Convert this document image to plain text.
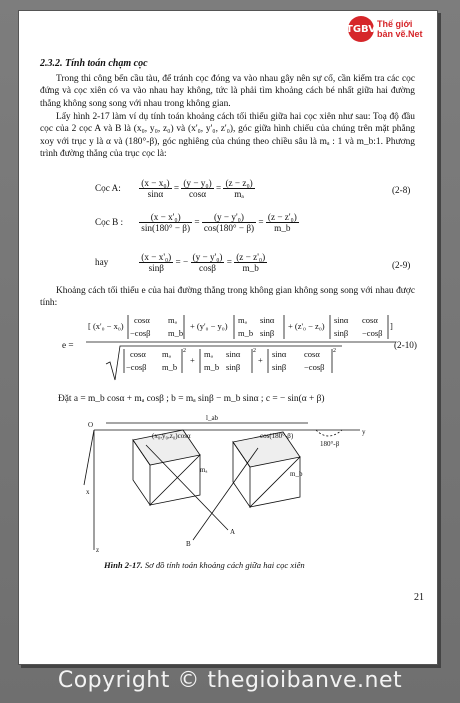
TGBV Thế giới
bản vẽ.Net
2.3.2. Tính toán chạm cọc

Trong thi công bến cầu tàu, để tránh cọc đóng va vào nhau gây nên sự cố, cần kiểm tra các cọc đứng và cọc xiên có va vào nhau hay không, tức là phải tìm khoảng cách bé nhất giữa hai đường thẳng không song song với nhau trong không gian.

Lấy hình 2-17 làm ví dụ tính toán khoảng cách tối thiểu giữa hai cọc xiên như sau: Toạ độ đầu cọc của 2 cọc A và B là (x₀, y₀, z₀) và (x'₀, y'₀, z'₀), góc giữa hình chiếu của chúng trên mặt phẳng xoy với trục y là α và (180°-β), góc nghiêng của chúng theo chiều sâu là mₐ : 1 và m_b:1. Phương trình đường thẳng của trục cọc là:

Cọc A: $\frac{\text{(x − x₀)}}{\sin\alpha} = \frac{\text{(y − y₀)}}{\cos\alpha} = \frac{\text{(z − z₀)}}{\text{mₐ}}$	(2-8)
Cọc B : $\frac{\text{(x − x'₀)}}{\sin(180^\circ - \beta)} = \frac{\text{(y − y'₀)}}{\cos(180^\circ - \beta)} = \frac{\text{(z − z'₀)}}{m\_b}$
hay	$\frac{\text{(x − x'₀)}}{\sin\beta}$ = − $\frac{\text{(y − y'₀)}}{\cos\beta} = \frac{\text{(z − z'₀)}}{m\_b}$	(2-9)

Khoảng cách tối thiểu e của hai đường thẳng trong không gian không song song với nhau được tính:

e =
[ (x'₀ − x₀)
cosα mₐ
−cosβ m_b
+ (y'₀ − y₀)
mₐ sinα
m_b sinβ
+ (z'₀ − z₀)
sinα cosα
sinβ −cosβ
]
cosα mₐ
−cosβ m_b
+
mₐ sinα
m_b sinβ
+
sinα cosα
sinβ −cosβ
2	2	2
(2-10)

Đặt a = m_b cosα + mₐ cosβ ; b = mₐ sinβ − m_b sinα ; c = − sin(α + β)

O
y
x
z
l_ab
(x₀,y₀,z₀)cosα	cos(180°-β)
mₐ	m_b
180°-β
A
B
Hình 2-17. Sơ đồ tính toán khoảng cách giữa hai cọc xiên
21
Copyright © thegioibanve.net
